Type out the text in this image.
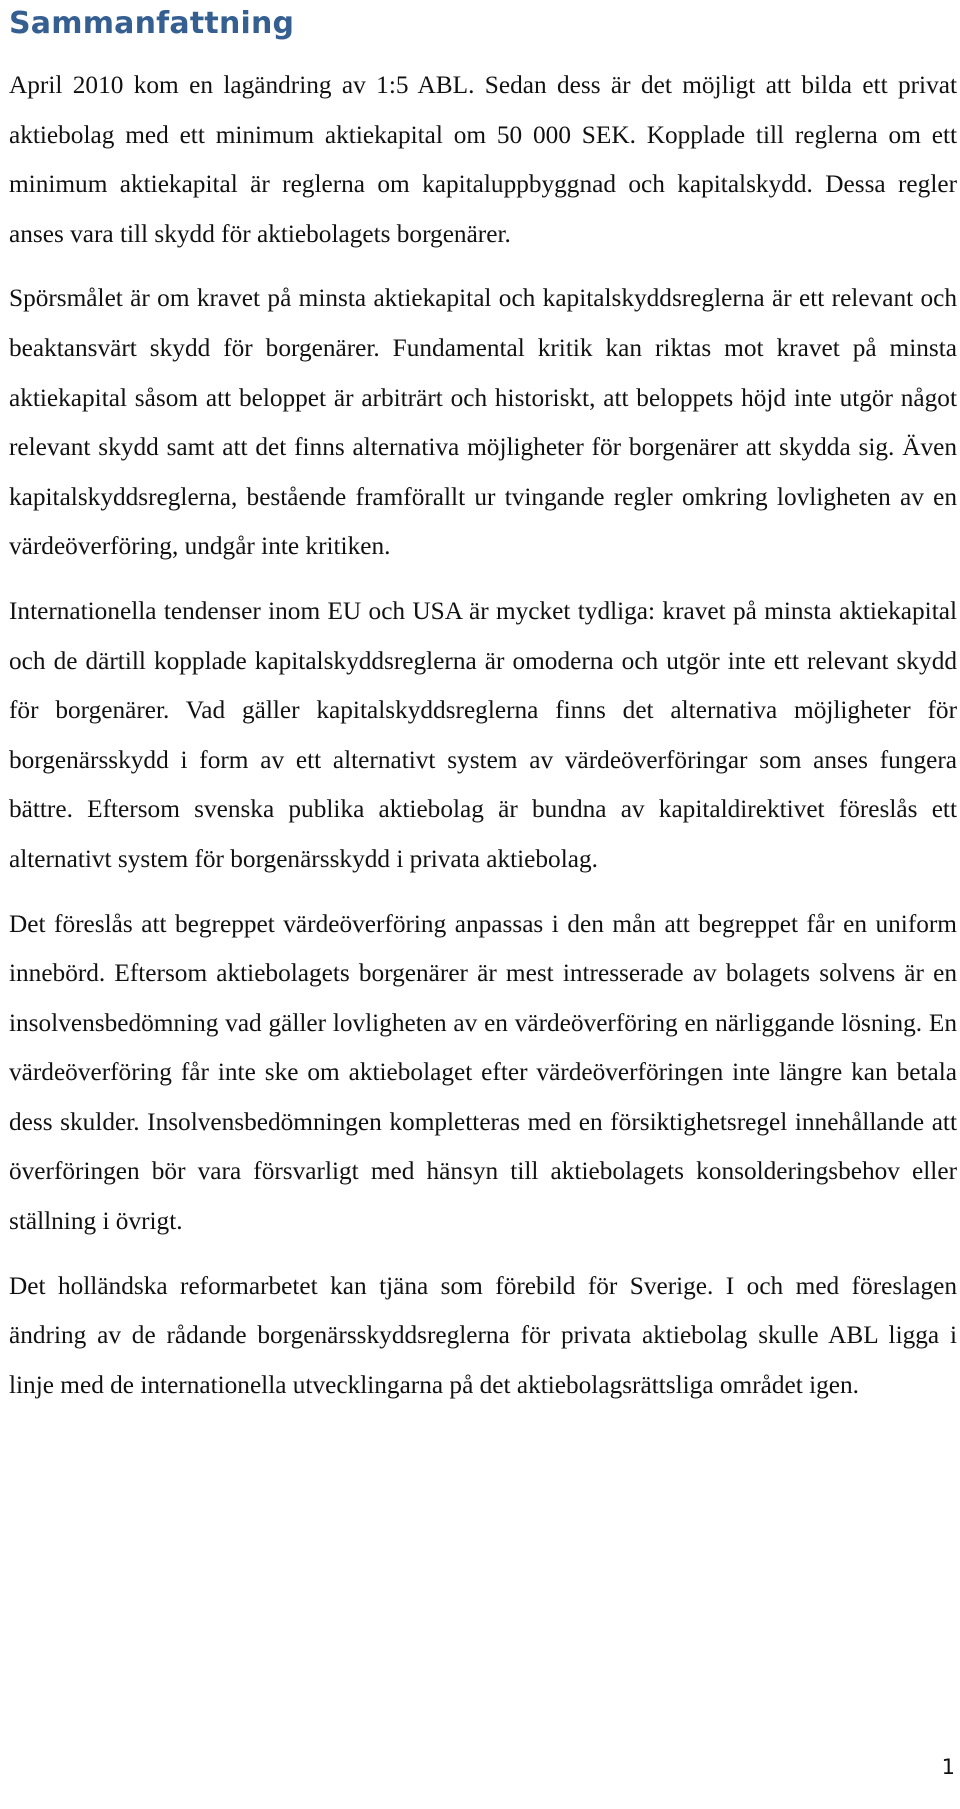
Sammanfattning

April 2010 kom en lagändring av 1:5 ABL. Sedan dess är det möjligt att bilda ett privat aktiebolag med ett minimum aktiekapital om 50 000 SEK. Kopplade till reglerna om ett minimum aktiekapital är reglerna om kapitaluppbyggnad och kapitalskydd. Dessa regler anses vara till skydd för aktiebolagets borgenärer.

Spörsmålet är om kravet på minsta aktiekapital och kapitalskyddsreglerna är ett relevant och beaktansvärt skydd för borgenärer. Fundamental kritik kan riktas mot kravet på minsta aktiekapital såsom att beloppet är arbiträrt och historiskt, att beloppets höjd inte utgör något relevant skydd samt att det finns alternativa möjligheter för borgenärer att skydda sig. Även kapitalskyddsreglerna, bestående framförallt ur tvingande regler omkring lovligheten av en värdeöverföring, undgår inte kritiken.

Internationella tendenser inom EU och USA är mycket tydliga: kravet på minsta aktiekapital och de därtill kopplade kapitalskyddsreglerna är omoderna och utgör inte ett relevant skydd för borgenärer. Vad gäller kapitalskyddsreglerna finns det alternativa möjligheter för borgenärsskydd i form av ett alternativt system av värdeöverföringar som anses fungera bättre. Eftersom svenska publika aktiebolag är bundna av kapitaldirektivet föreslås ett alternativt system för borgenärsskydd i privata aktiebolag.

Det föreslås att begreppet värdeöverföring anpassas i den mån att begreppet får en uniform innebörd. Eftersom aktiebolagets borgenärer är mest intresserade av bolagets solvens är en insolvensbedömning vad gäller lovligheten av en värdeöverföring en närliggande lösning. En värdeöverföring får inte ske om aktiebolaget efter värdeöverföringen inte längre kan betala dess skulder. Insolvensbedömningen kompletteras med en försiktighetsregel innehållande att överföringen bör vara försvarligt med hänsyn till aktiebolagets konsolderingsbehov eller ställning i övrigt.

Det holländska reformarbetet kan tjäna som förebild för Sverige. I och med föreslagen ändring av de rådande borgenärsskyddsreglerna för privata aktiebolag skulle ABL ligga i linje med de internationella utvecklingarna på det aktiebolagsrättsliga området igen.

1
